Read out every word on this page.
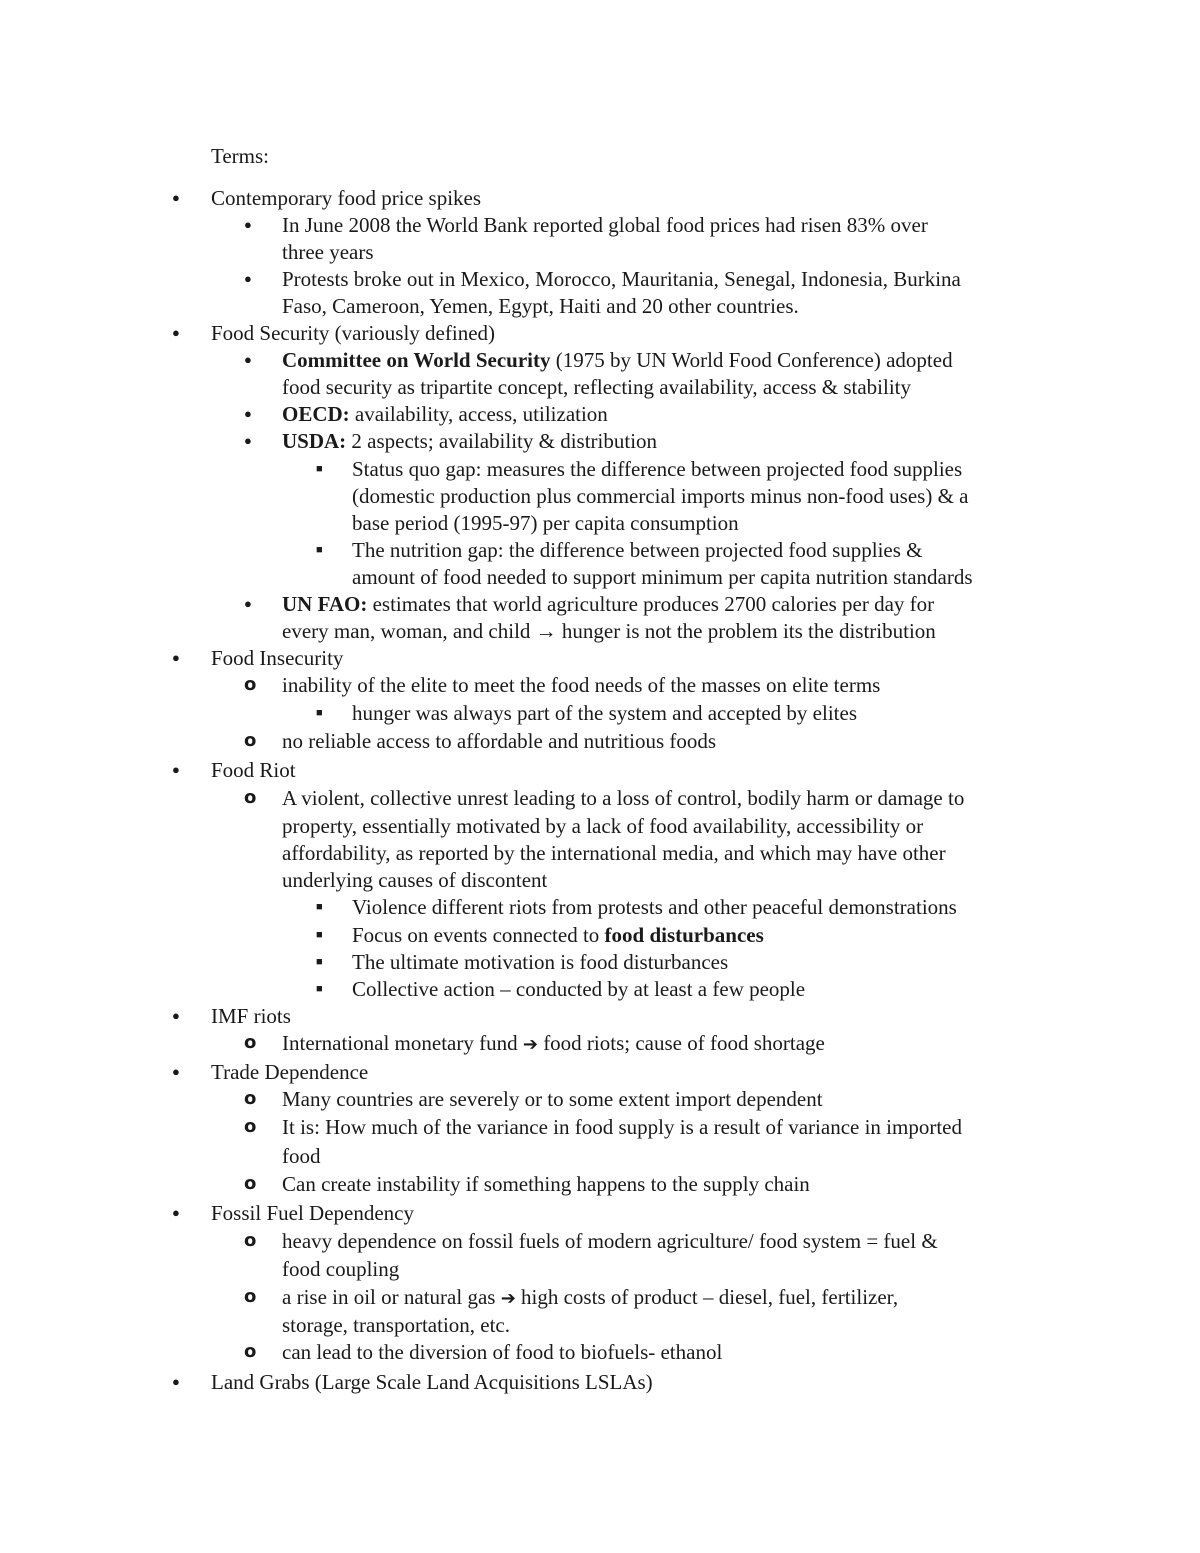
Terms:
●
Contemporary food price spikes
●
In June 2008 the World Bank reported global food prices had risen 83% over
three years
●
Protests broke out in Mexico, Morocco, Mauritania, Senegal, Indonesia, Burkina
Faso, Cameroon, Yemen, Egypt, Haiti and 20 other countries.
●
Food Security (variously defined)
●
Committee on World Security (1975 by UN World Food Conference) adopted
food security as tripartite concept, reflecting availability, access & stability
●
OECD: availability, access, utilization
●
USDA: 2 aspects; availability & distribution
■
Status quo gap: measures the difference between projected food supplies
(domestic production plus commercial imports minus non-food uses) & a
base period (1995-97) per capita consumption
■
The nutrition gap: the difference between projected food supplies &
amount of food needed to support minimum per capita nutrition standards
●
UN FAO: estimates that world agriculture produces 2700 calories per day for
every man, woman, and child → hunger is not the problem its the distribution
●
Food Insecurity
o
inability of the elite to meet the food needs of the masses on elite terms
■
hunger was always part of the system and accepted by elites
o
no reliable access to affordable and nutritious foods
●
Food Riot
o
A violent, collective unrest leading to a loss of control, bodily harm or damage to
property, essentially motivated by a lack of food availability, accessibility or
affordability, as reported by the international media, and which may have other
underlying causes of discontent
■
Violence different riots from protests and other peaceful demonstrations
■
Focus on events connected to food disturbances
■
The ultimate motivation is food disturbances
■
Collective action – conducted by at least a few people
●
IMF riots
o
International monetary fund ➔ food riots; cause of food shortage
●
Trade Dependence
o
Many countries are severely or to some extent import dependent
o
It is: How much of the variance in food supply is a result of variance in imported
food
o
Can create instability if something happens to the supply chain
●
Fossil Fuel Dependency
o
heavy dependence on fossil fuels of modern agriculture/ food system = fuel &
food coupling
o
a rise in oil or natural gas ➔ high costs of product – diesel, fuel, fertilizer,
storage, transportation, etc.
o
can lead to the diversion of food to biofuels- ethanol
●
Land Grabs (Large Scale Land Acquisitions LSLAs)
